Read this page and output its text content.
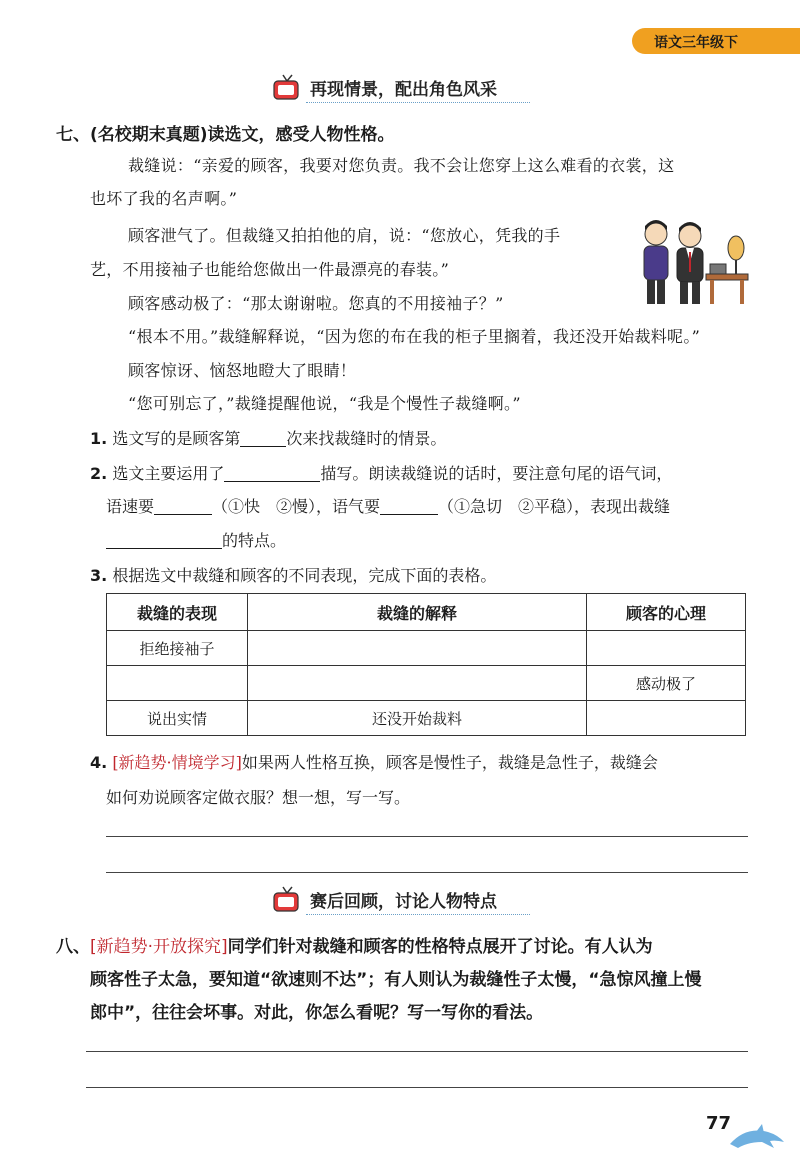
语文三年级下
再现情景，配出角色风采
七、(名校期末真题)读选文，感受人物性格。
裁缝说：“亲爱的顾客，我要对您负责。我不会让您穿上这么难看的衣裳，这
也坏了我的名声啊。”
顾客泄气了。但裁缝又拍拍他的肩，说：“您放心，凭我的手
艺，不用接袖子也能给您做出一件最漂亮的春装。”
顾客感动极了：“那太谢谢啦。您真的不用接袖子？”
“根本不用。”裁缝解释说，“因为您的布在我的柜子里搁着，我还没开始裁料呢。”
顾客惊讶、恼怒地瞪大了眼睛！
“您可别忘了，”裁缝提醒他说，“我是个慢性子裁缝啊。”
1. 选文写的是顾客第	次来找裁缝时的情景。
2. 选文主要运用了	描写。朗读裁缝说的话时，要注意句尾的语气词，
语速要	（①快　②慢），语气要	（①急切　②平稳），表现出裁缝
的特点。
3. 根据选文中裁缝和顾客的不同表现，完成下面的表格。
裁缝的表现	裁缝的解释	顾客的心理
拒绝接袖子		
		感动极了
说出实情	还没开始裁料	
4. [新趋势·情境学习]如果两人性格互换，顾客是慢性子，裁缝是急性子，裁缝会
如何劝说顾客定做衣服？想一想，写一写。
赛后回顾，讨论人物特点
八、[新趋势·开放探究]同学们针对裁缝和顾客的性格特点展开了讨论。有人认为
顾客性子太急，要知道“欲速则不达”；有人则认为裁缝性子太慢，“急惊风撞上慢
郎中”，往往会坏事。对此，你怎么看呢？写一写你的看法。
77
